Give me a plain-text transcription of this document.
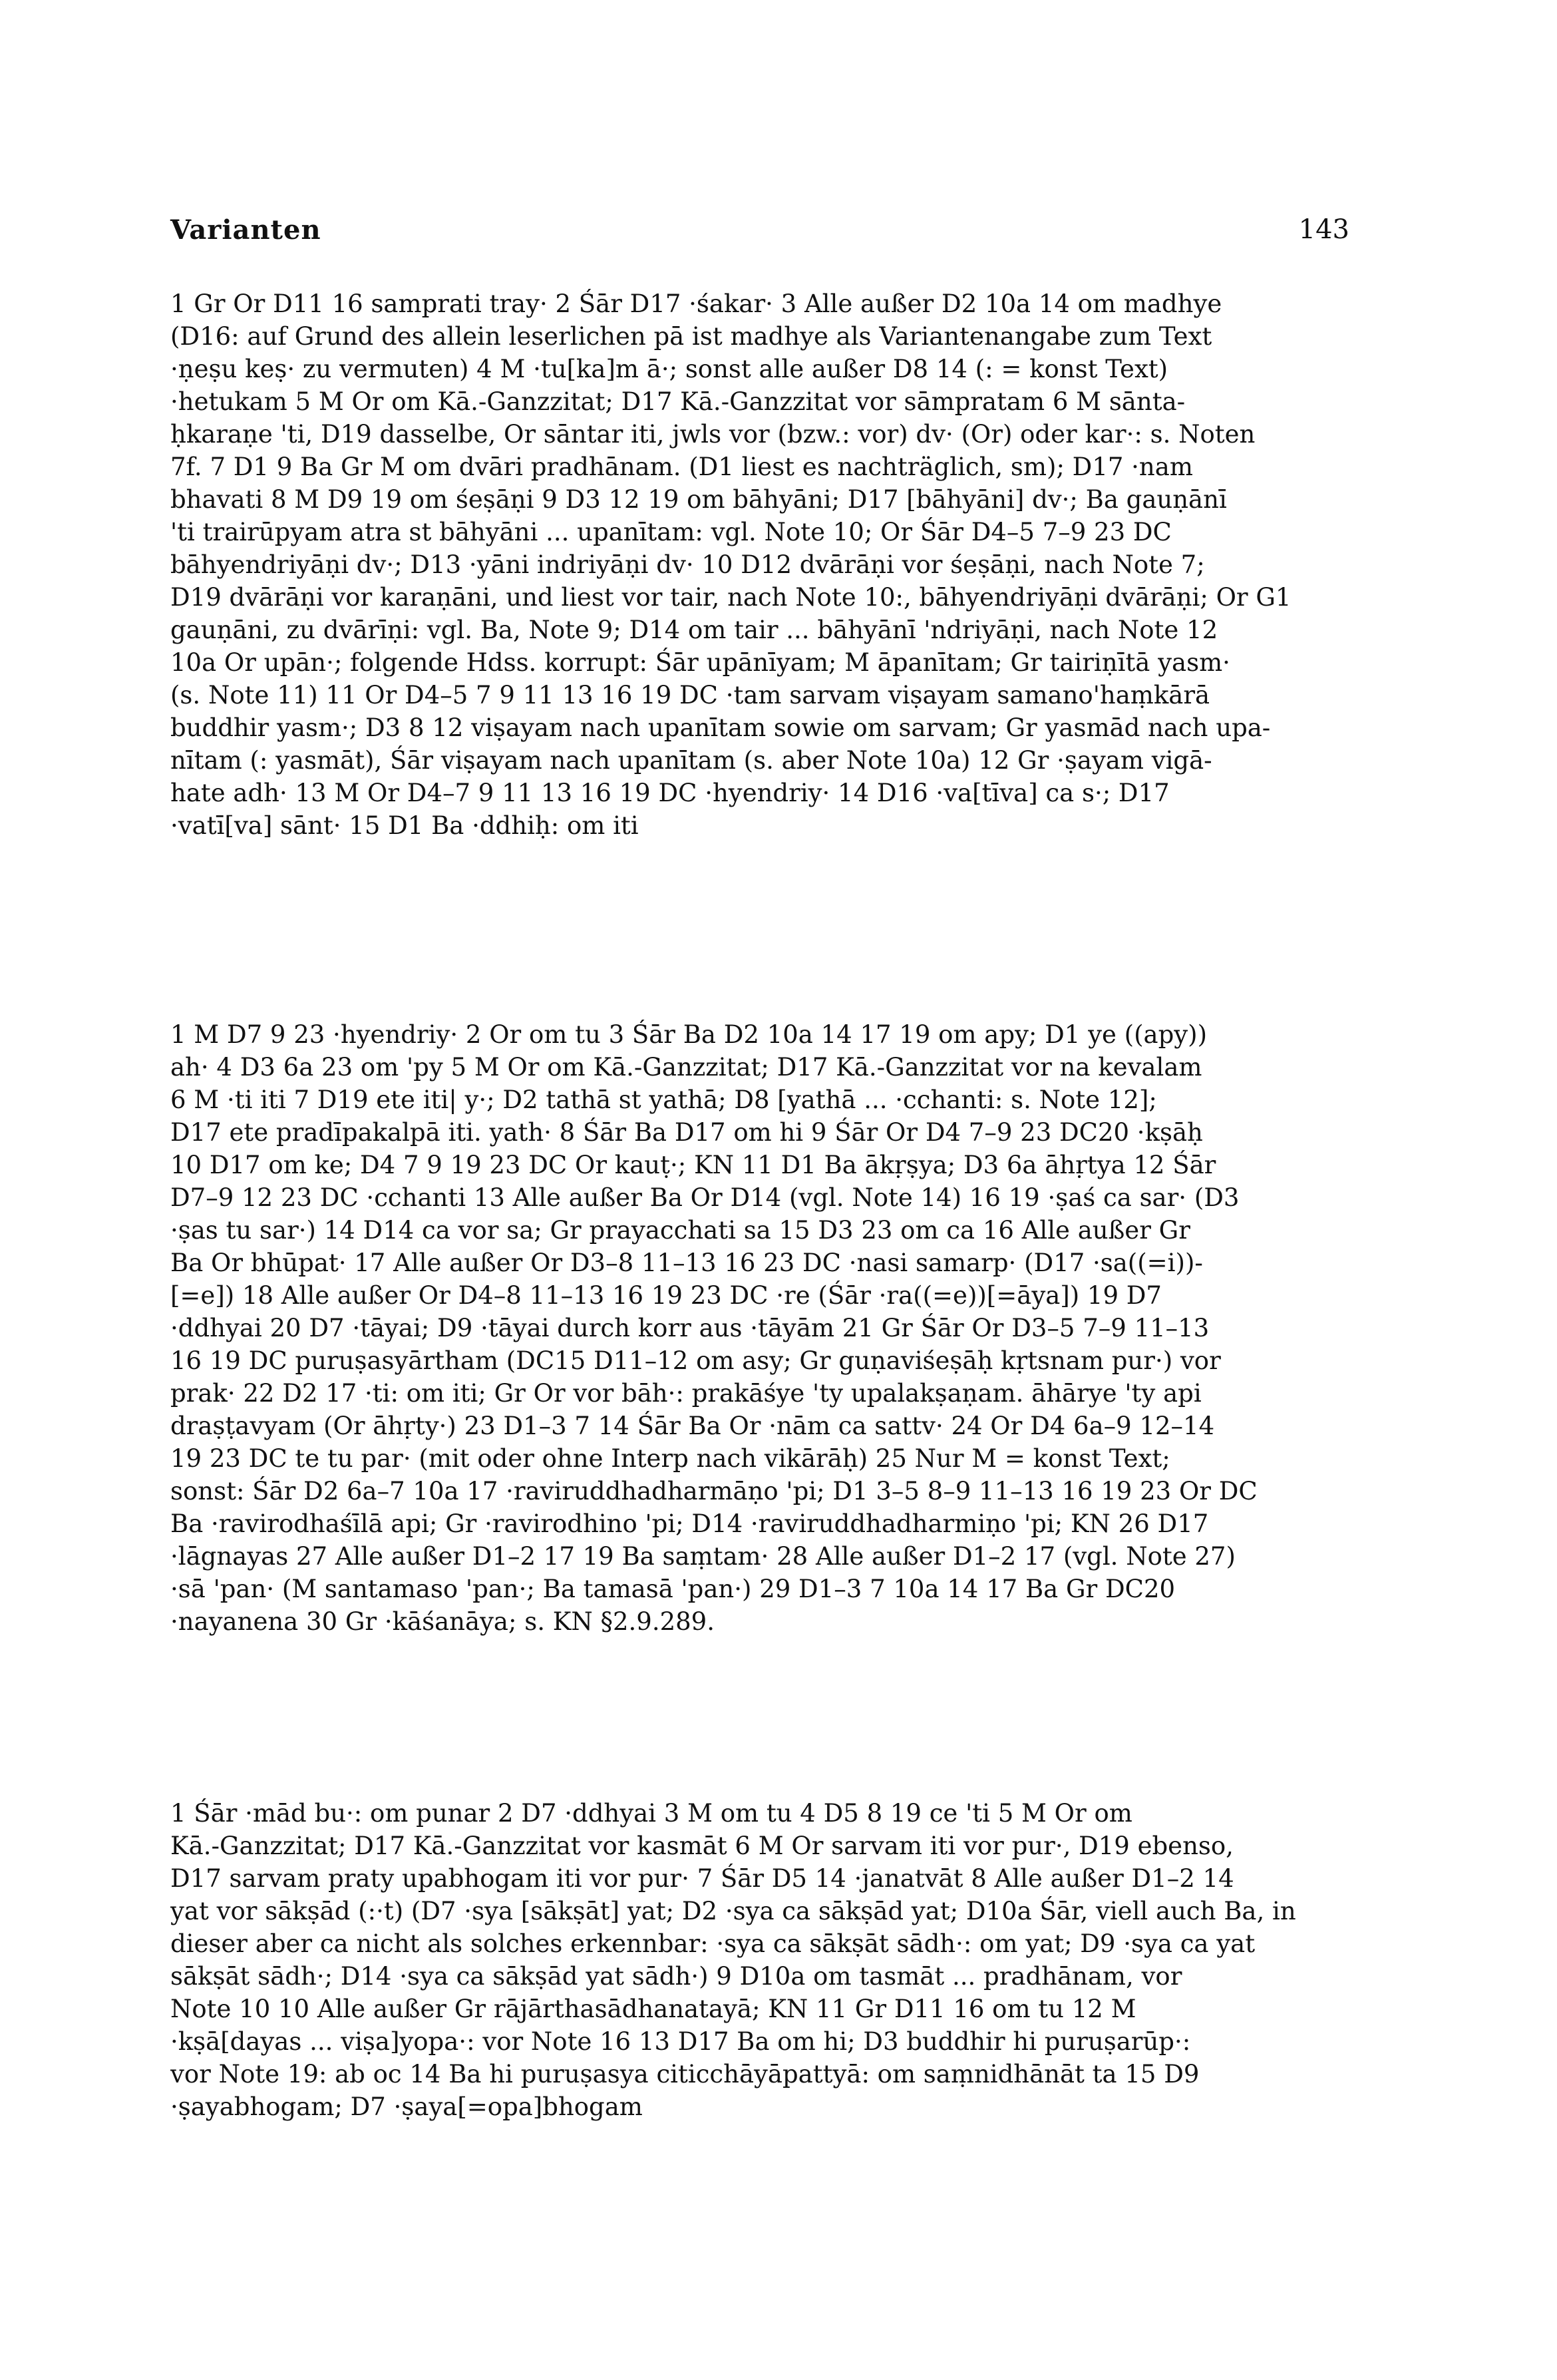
Varianten	143
1 Gr Or D11 16 samprati tray· 2 Śār D17 ·śakar· 3 Alle außer D2 10a 14 om madhye
(D16: auf Grund des allein leserlichen pā ist madhye als Variantenangabe zum Text
·ṇeṣu keṣ· zu vermuten) 4 M ·tu[ka]m ā·; sonst alle außer D8 14 (: = konst Text)
·hetukam 5 M Or om Kā.-Ganzzitat; D17 Kā.-Ganzzitat vor sāmpratam 6 M sānta-
ḥkaraṇe 'ti, D19 dasselbe, Or sāntar iti, jwls vor (bzw.: vor) dv· (Or) oder kar·: s. Noten
7f. 7 D1 9 Ba Gr M om dvāri pradhānam. (D1 liest es nachträglich, sm); D17 ·nam
bhavati 8 M D9 19 om śeṣāṇi 9 D3 12 19 om bāhyāni; D17 [bāhyāni] dv·; Ba gauṇānī
'ti trairūpyam atra st bāhyāni ... upanītam: vgl. Note 10; Or Śār D4–5 7–9 23 DC
bāhyendriyāṇi dv·; D13 ·yāni indriyāṇi dv· 10 D12 dvārāṇi vor śeṣāṇi, nach Note 7;
D19 dvārāṇi vor karaṇāni, und liest vor tair, nach Note 10:, bāhyendriyāṇi dvārāṇi; Or G1
gauṇāni, zu dvārīṇi: vgl. Ba, Note 9; D14 om tair ... bāhyānī 'ndriyāṇi, nach Note 12
10a Or upān·; folgende Hdss. korrupt: Śār upānīyam; M āpanītam; Gr tairiṇītā yasm·
(s. Note 11) 11 Or D4–5 7 9 11 13 16 19 DC ·tam sarvam viṣayam samano'haṃkārā
buddhir yasm·; D3 8 12 viṣayam nach upanītam sowie om sarvam; Gr yasmād nach upa-
nītam (: yasmāt), Śār viṣayam nach upanītam (s. aber Note 10a) 12 Gr ·ṣayam vigā-
hate adh· 13 M Or D4–7 9 11 13 16 19 DC ·hyendriy· 14 D16 ·va[tīva] ca s·; D17
·vatī[va] sānt· 15 D1 Ba ·ddhiḥ: om iti
1 M D7 9 23 ·hyendriy· 2 Or om tu 3 Śār Ba D2 10a 14 17 19 om apy; D1 ye ((apy))
ah· 4 D3 6a 23 om 'py 5 M Or om Kā.-Ganzzitat; D17 Kā.-Ganzzitat vor na kevalam
6 M ·ti iti 7 D19 ete iti| y·; D2 tathā st yathā; D8 [yathā ... ·cchanti: s. Note 12];
D17 ete pradīpakalpā iti. yath· 8 Śār Ba D17 om hi 9 Śār Or D4 7–9 23 DC20 ·kṣāḥ
10 D17 om ke; D4 7 9 19 23 DC Or kauṭ·; KN 11 D1 Ba ākṛṣya; D3 6a āhṛtya 12 Śār
D7–9 12 23 DC ·cchanti 13 Alle außer Ba Or D14 (vgl. Note 14) 16 19 ·ṣaś ca sar· (D3
·ṣas tu sar·) 14 D14 ca vor sa; Gr prayacchati sa 15 D3 23 om ca 16 Alle außer Gr
Ba Or bhūpat· 17 Alle außer Or D3–8 11–13 16 23 DC ·nasi samarp· (D17 ·sa((=i))-
[=e]) 18 Alle außer Or D4–8 11–13 16 19 23 DC ·re (Śār ·ra((=e))[=āya]) 19 D7
·ddhyai 20 D7 ·tāyai; D9 ·tāyai durch korr aus ·tāyām 21 Gr Śār Or D3–5 7–9 11–13
16 19 DC puruṣasyārtham (DC15 D11–12 om asy; Gr guṇaviśeṣāḥ kṛtsnam pur·) vor
prak· 22 D2 17 ·ti: om iti; Gr Or vor bāh·: prakāśye 'ty upalakṣaṇam. āhārye 'ty api
draṣṭavyam (Or āhṛty·) 23 D1–3 7 14 Śār Ba Or ·nām ca sattv· 24 Or D4 6a–9 12–14
19 23 DC te tu par· (mit oder ohne Interp nach vikārāḥ) 25 Nur M = konst Text;
sonst: Śār D2 6a–7 10a 17 ·raviruddhadharmāṇo 'pi; D1 3–5 8–9 11–13 16 19 23 Or DC
Ba ·ravirodhaśīlā api; Gr ·ravirodhino 'pi; D14 ·raviruddhadharmiṇo 'pi; KN 26 D17
·lāgnayas 27 Alle außer D1–2 17 19 Ba saṃtam· 28 Alle außer D1–2 17 (vgl. Note 27)
·sā 'pan· (M santamaso 'pan·; Ba tamasā 'pan·) 29 D1–3 7 10a 14 17 Ba Gr DC20
·nayanena 30 Gr ·kāśanāya; s. KN §2.9.289.
1 Śār ·mād bu·: om punar 2 D7 ·ddhyai 3 M om tu 4 D5 8 19 ce 'ti 5 M Or om
Kā.-Ganzzitat; D17 Kā.-Ganzzitat vor kasmāt 6 M Or sarvam iti vor pur·, D19 ebenso,
D17 sarvam praty upabhogam iti vor pur· 7 Śār D5 14 ·janatvāt 8 Alle außer D1–2 14
yat vor sākṣād (:·t) (D7 ·sya [sākṣāt] yat; D2 ·sya ca sākṣād yat; D10a Śār, viell auch Ba, in
dieser aber ca nicht als solches erkennbar: ·sya ca sākṣāt sādh·: om yat; D9 ·sya ca yat
sākṣāt sādh·; D14 ·sya ca sākṣād yat sādh·) 9 D10a om tasmāt ... pradhānam, vor
Note 10 10 Alle außer Gr rājārthasādhanatayā; KN 11 Gr D11 16 om tu 12 M
·kṣā[dayas ... viṣa]yopa·: vor Note 16 13 D17 Ba om hi; D3 buddhir hi puruṣarūp·:
vor Note 19: ab oc 14 Ba hi puruṣasya citicchāyāpattyā: om saṃnidhānāt ta 15 D9
·ṣayabhogam; D7 ·ṣaya[=opa]bhogam
